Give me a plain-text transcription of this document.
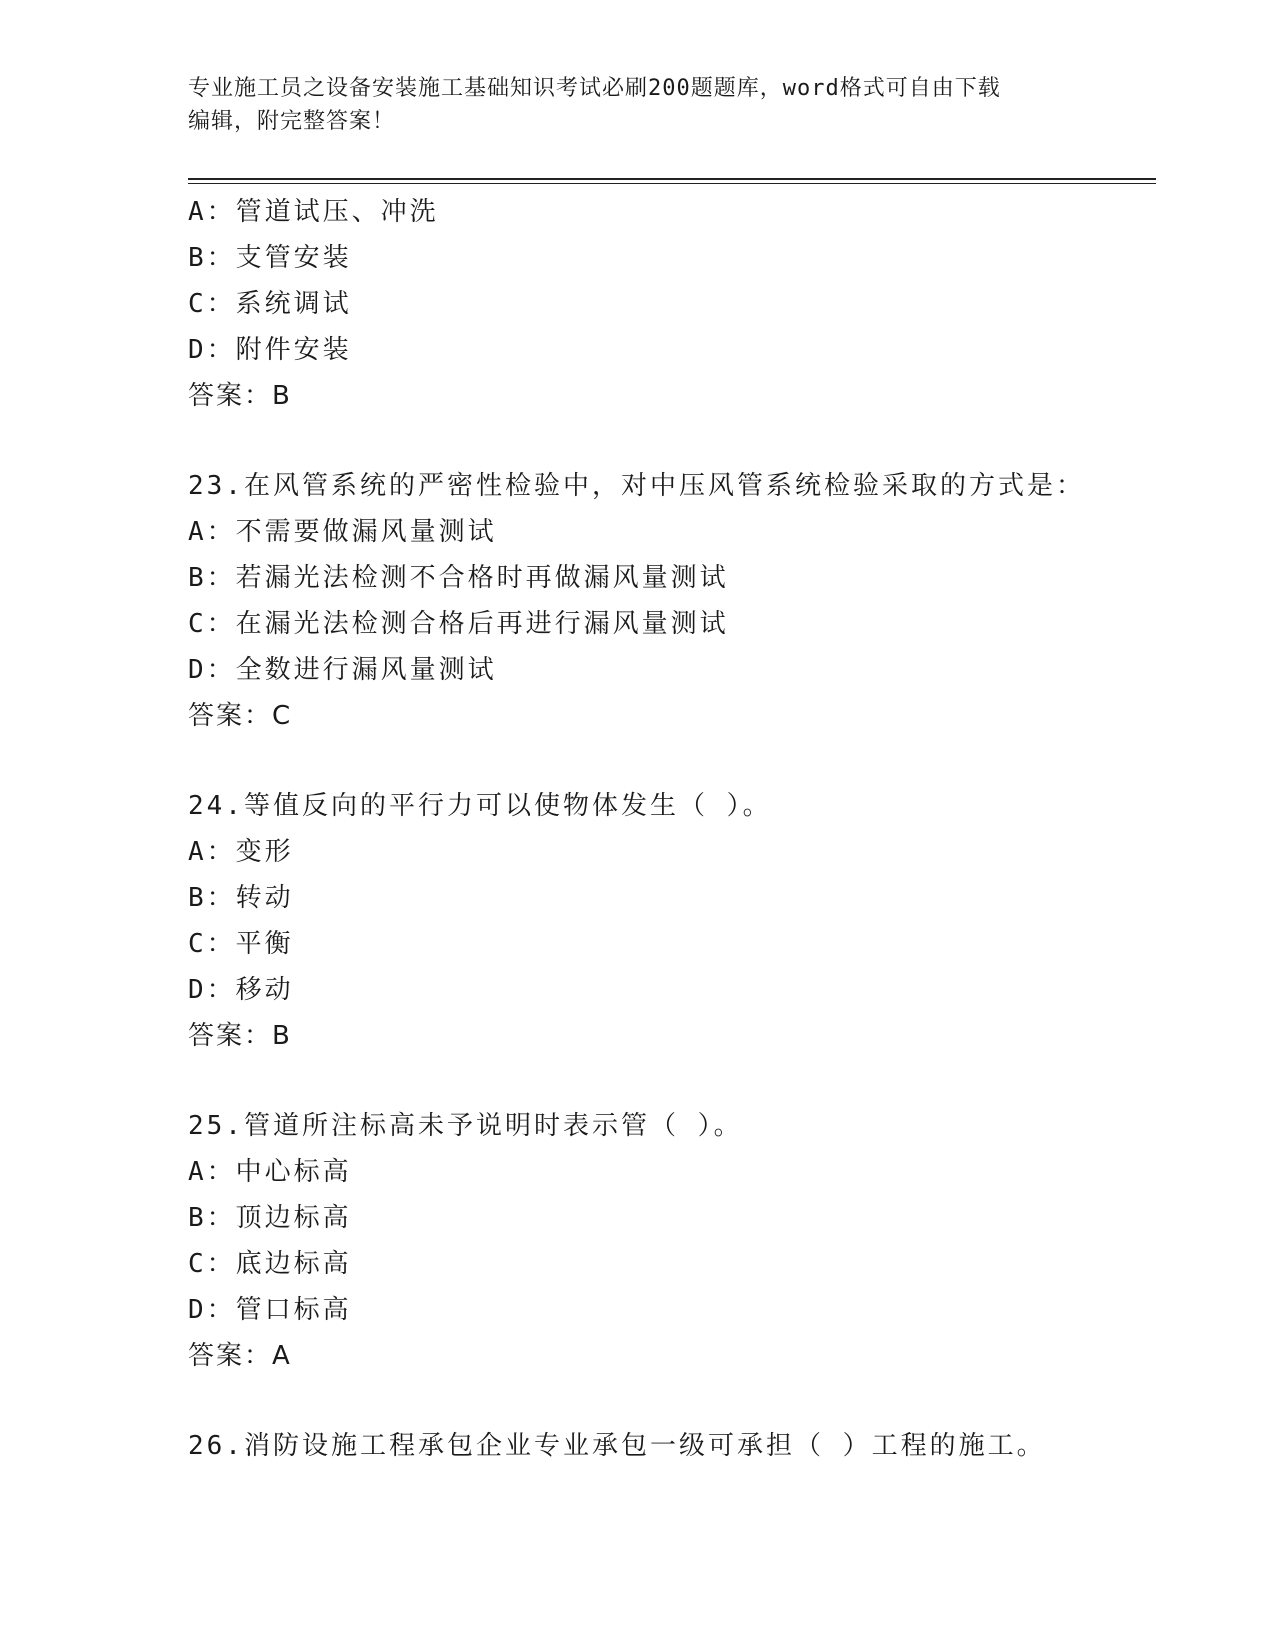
专业施工员之设备安装施工基础知识考试必刷200题题库，word格式可自由下载
编辑，附完整答案！
A：管道试压、冲洗
B：支管安装
C：系统调试
D：附件安装
答案：B
23.在风管系统的严密性检验中，对中压风管系统检验采取的方式是：
A：不需要做漏风量测试
B：若漏光法检测不合格时再做漏风量测试
C：在漏光法检测合格后再进行漏风量测试
D：全数进行漏风量测试
答案：C
24.等值反向的平行力可以使物体发生（ ）。
A：变形
B：转动
C：平衡
D：移动
答案：B
25.管道所注标高未予说明时表示管（ ）。
A：中心标高
B：顶边标高
C：底边标高
D：管口标高
答案：A
26.消防设施工程承包企业专业承包一级可承担（ ）工程的施工。
